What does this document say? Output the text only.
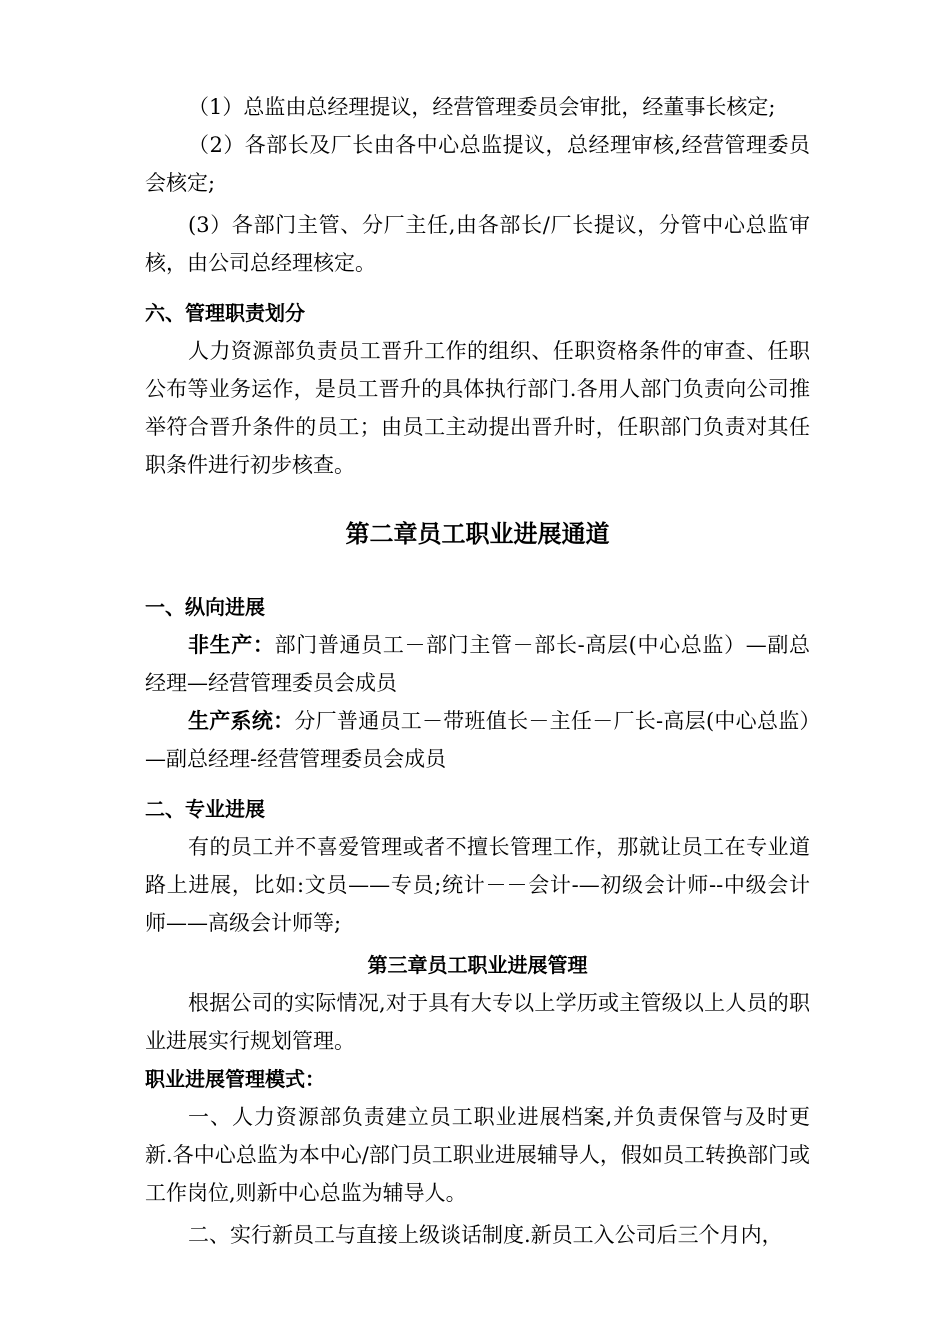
（1）总监由总经理提议，经营管理委员会审批，经董事长核定;

（2）各部长及厂长由各中心总监提议，总经理审核,经营管理委员会核定;

(3）各部门主管、分厂主任,由各部长/厂长提议，分管中心总监审核，由公司总经理核定。

六、管理职责划分

人力资源部负责员工晋升工作的组织、任职资格条件的审查、任职公布等业务运作，是员工晋升的具体执行部门.各用人部门负责向公司推举符合晋升条件的员工；由员工主动提出晋升时，任职部门负责对其任职条件进行初步核查。

第二章员工职业进展通道
一、纵向进展

非生产：部门普通员工－部门主管－部长-高层(中心总监）—副总经理—经营管理委员会成员

生产系统：分厂普通员工－带班值长－主任－厂长-高层(中心总监）—副总经理-经营管理委员会成员

二、专业进展

有的员工并不喜爱管理或者不擅长管理工作，那就让员工在专业道路上进展，比如:文员——专员;统计－－会计-—初级会计师--中级会计师——高级会计师等;

第三章员工职业进展管理

根据公司的实际情况,对于具有大专以上学历或主管级以上人员的职业进展实行规划管理。

职业进展管理模式：

一、人力资源部负责建立员工职业进展档案,并负责保管与及时更新.各中心总监为本中心/部门员工职业进展辅导人，假如员工转换部门或工作岗位,则新中心总监为辅导人。

二、实行新员工与直接上级谈话制度.新员工入公司后三个月内，
